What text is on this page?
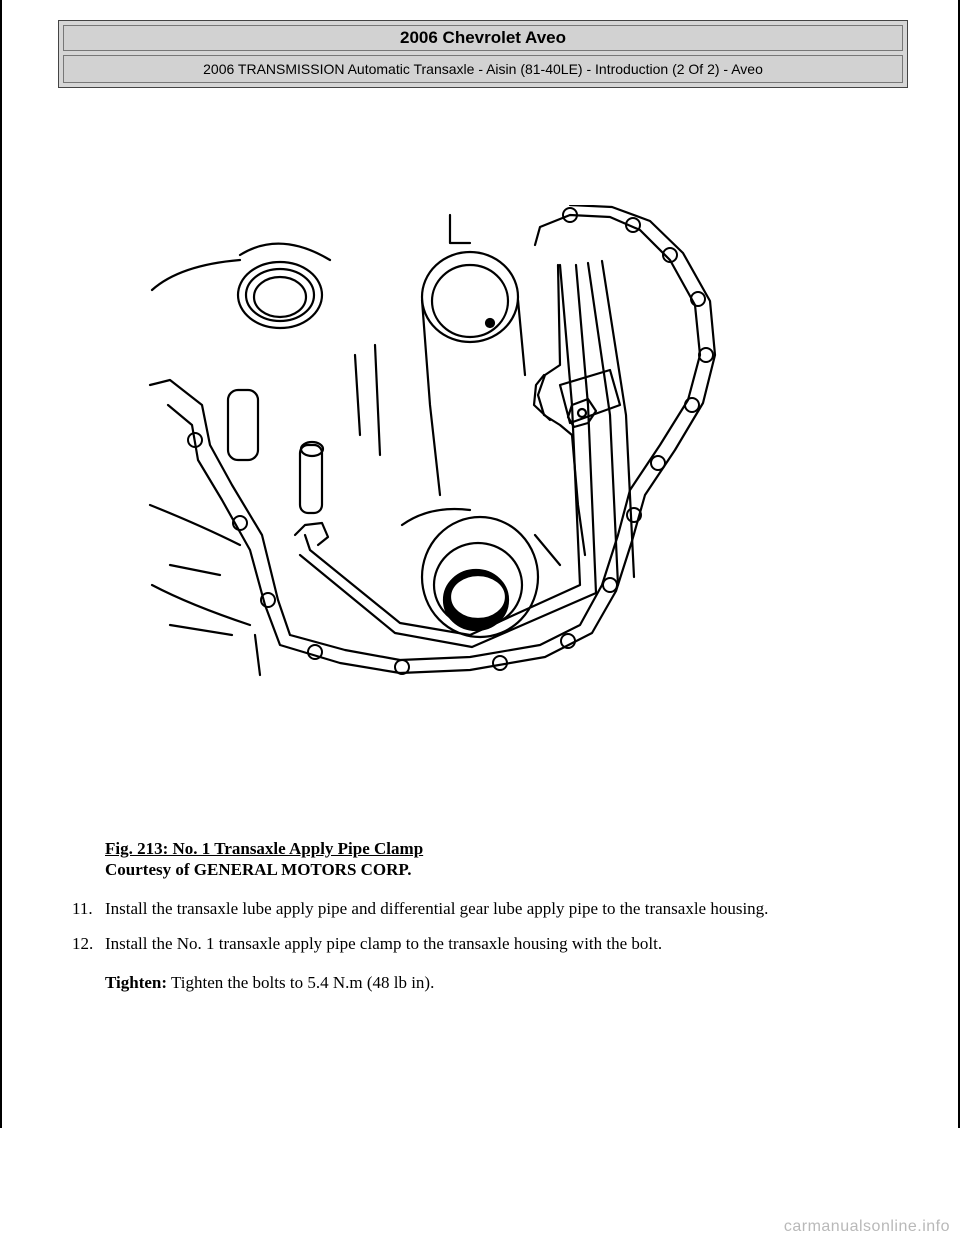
2006 Chevrolet Aveo
2006 TRANSMISSION Automatic Transaxle - Aisin (81-40LE) - Introduction (2 Of 2) - Aveo
Fig. 213: No. 1 Transaxle Apply Pipe Clamp
Courtesy of GENERAL MOTORS CORP.
11. Install the transaxle lube apply pipe and differential gear lube apply pipe to the transaxle housing.
12. Install the No. 1 transaxle apply pipe clamp to the transaxle housing with the bolt.
Tighten: Tighten the bolts to 5.4 N.m (48 lb in).
carmanualsonline.info
